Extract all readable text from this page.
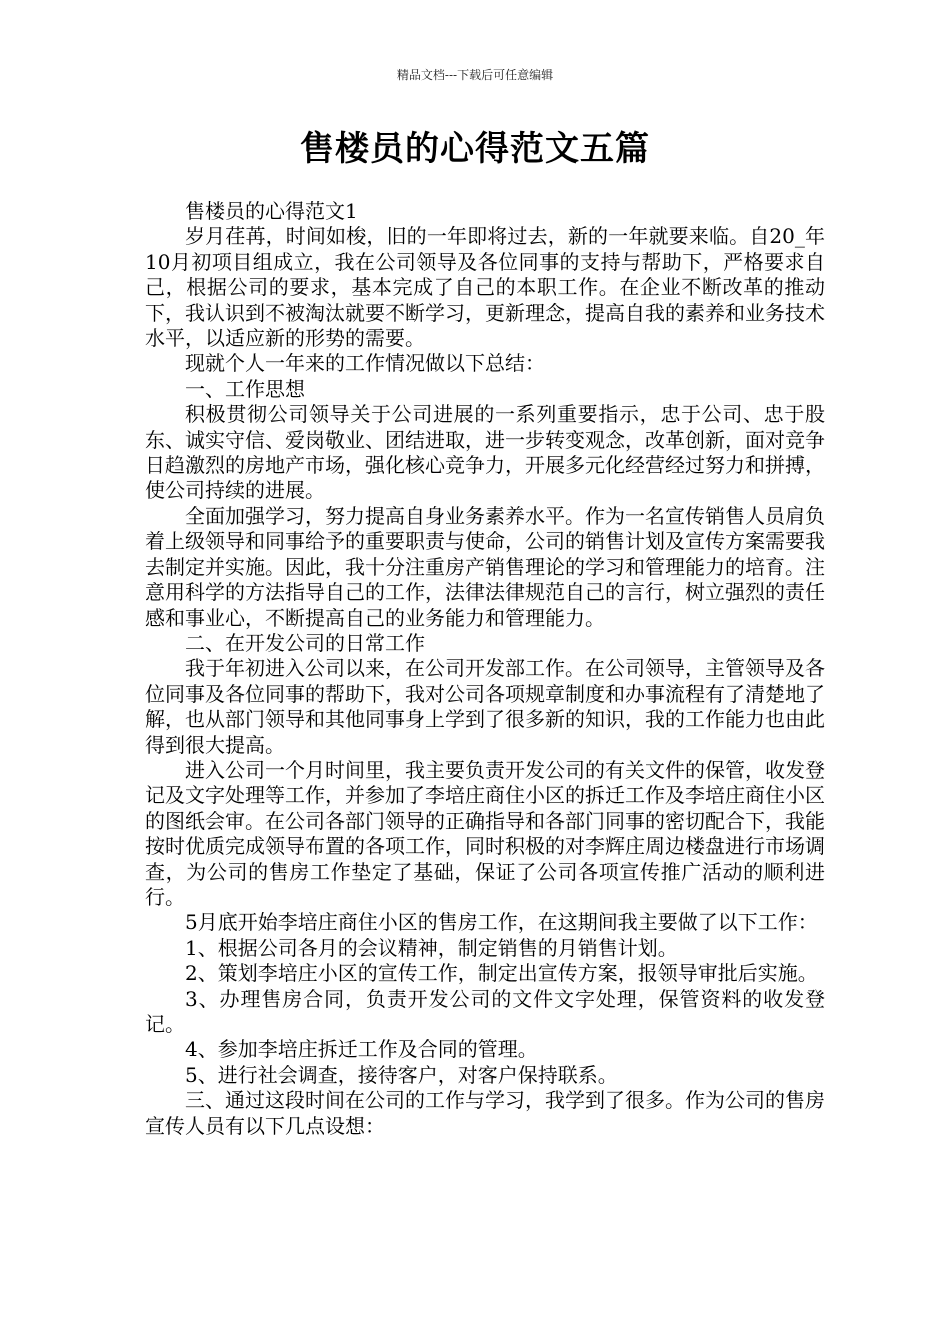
精品文档---下载后可任意编辑
售楼员的心得范文五篇

售楼员的心得范文1

岁月荏苒，时间如梭，旧的一年即将过去，新的一年就要来临。自20_年10月初项目组成立，我在公司领导及各位同事的支持与帮助下，严格要求自己，根据公司的要求，基本完成了自己的本职工作。在企业不断改革的推动下，我认识到不被淘汰就要不断学习，更新理念，提高自我的素养和业务技术水平，以适应新的形势的需要。

现就个人一年来的工作情况做以下总结：

一、工作思想

积极贯彻公司领导关于公司进展的一系列重要指示，忠于公司、忠于股东、诚实守信、爱岗敬业、团结进取，进一步转变观念，改革创新，面对竞争日趋激烈的房地产市场，强化核心竞争力，开展多元化经营经过努力和拼搏，使公司持续的进展。

全面加强学习，努力提高自身业务素养水平。作为一名宣传销售人员肩负着上级领导和同事给予的重要职责与使命，公司的销售计划及宣传方案需要我去制定并实施。因此，我十分注重房产销售理论的学习和管理能力的培育。注意用科学的方法指导自己的工作，法律法律规范自己的言行，树立强烈的责任感和事业心，不断提高自己的业务能力和管理能力。

二、在开发公司的日常工作

我于年初进入公司以来，在公司开发部工作。在公司领导，主管领导及各位同事及各位同事的帮助下，我对公司各项规章制度和办事流程有了清楚地了解，也从部门领导和其他同事身上学到了很多新的知识，我的工作能力也由此得到很大提高。

进入公司一个月时间里，我主要负责开发公司的有关文件的保管，收发登记及文字处理等工作，并参加了李培庄商住小区的拆迁工作及李培庄商住小区的图纸会审。在公司各部门领导的正确指导和各部门同事的密切配合下，我能按时优质完成领导布置的各项工作，同时积极的对李辉庄周边楼盘进行市场调查，为公司的售房工作垫定了基础，保证了公司各项宣传推广活动的顺利进行。

5月底开始李培庄商住小区的售房工作，在这期间我主要做了以下工作：

1、根据公司各月的会议精神，制定销售的月销售计划。

2、策划李培庄小区的宣传工作，制定出宣传方案，报领导审批后实施。

3、办理售房合同，负责开发公司的文件文字处理，保管资料的收发登记。

4、参加李培庄拆迁工作及合同的管理。

5、进行社会调查，接待客户，对客户保持联系。

三、通过这段时间在公司的工作与学习，我学到了很多。作为公司的售房宣传人员有以下几点设想：
